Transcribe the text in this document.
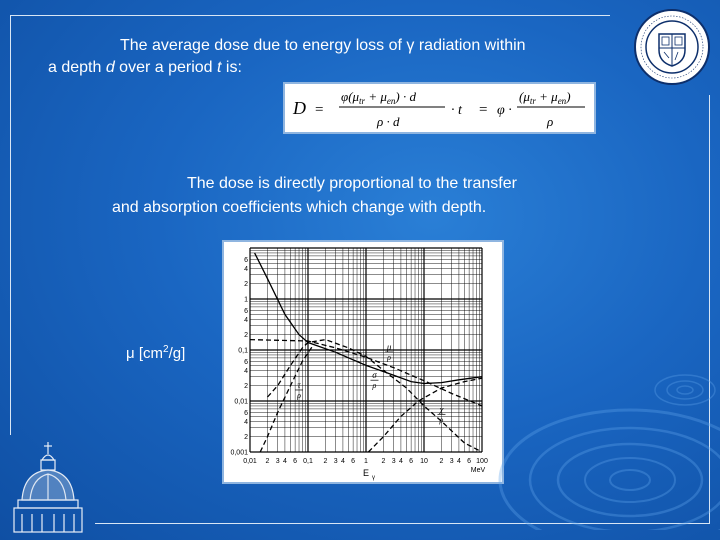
The average dose due to energy loss of γ radiation within
a depth d over a period t is:
D =
$\varphi(\mu_{tr} + \mu_{en}) \cdot d$
ρ · d
· t = φ ·
$(\mu_{tr} + \mu_{en})$
ρ
The dose is directly proportional to the transfer
and absorption coefficients which change with depth.
μ $[cm^2/g]$
0,01	0,1	1	10	100
2 3 4 6	2 3 4 6	2 3 4 6	2 3 4 6
0,001
0,01
0,1
1
2
4
6
2
4
6
2
4
6
2
4
6
E γ
MeV
τ
ρ
σ
ρ
μ
ρ
χ
ρ
